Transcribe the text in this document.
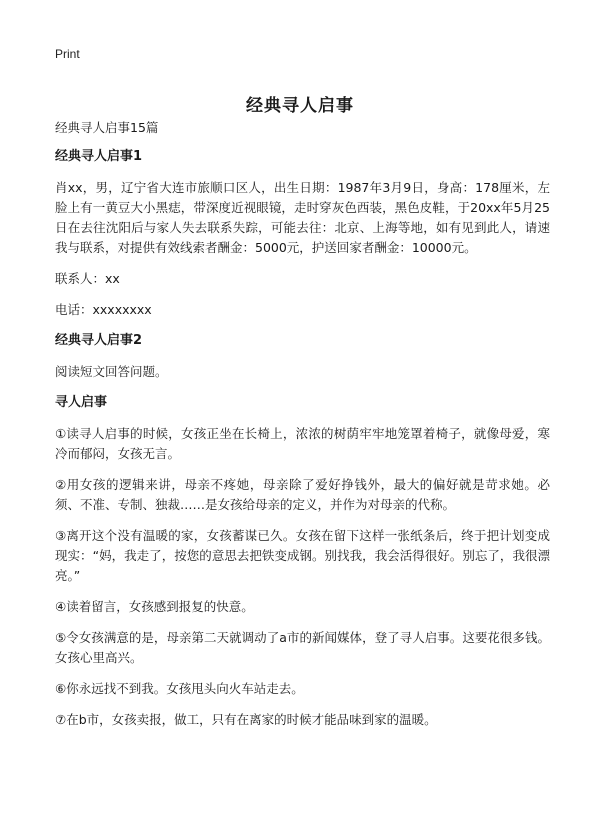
Print
经典寻人启事

经典寻人启事15篇

经典寻人启事1

肖xx，男，辽宁省大连市旅顺口区人，出生日期：1987年3月9日，身高：178厘米，左脸上有一黄豆大小黑痣，带深度近视眼镜，走时穿灰色西装，黑色皮鞋，于20xx年5月25日在去往沈阳后与家人失去联系失踪，可能去往：北京、上海等地，如有见到此人，请速我与联系，对提供有效线索者酬金：5000元，护送回家者酬金：10000元。

联系人：xx

电话：xxxxxxxx

经典寻人启事2

阅读短文回答问题。

寻人启事

①读寻人启事的时候，女孩正坐在长椅上，浓浓的树荫牢牢地笼罩着椅子，就像母爱，寒冷而郁闷，女孩无言。

②用女孩的逻辑来讲，母亲不疼她，母亲除了爱好挣钱外，最大的偏好就是苛求她。必须、不准、专制、独裁……是女孩给母亲的定义，并作为对母亲的代称。

③离开这个没有温暖的家，女孩蓄谋已久。女孩在留下这样一张纸条后，终于把计划变成现实：“妈，我走了，按您的意思去把铁变成钢。别找我，我会活得很好。别忘了，我很漂亮。”

④读着留言，女孩感到报复的快意。

⑤令女孩满意的是，母亲第二天就调动了a市的新闻媒体，登了寻人启事。这要花很多钱。女孩心里高兴。

⑥你永远找不到我。女孩甩头向火车站走去。

⑦在b市，女孩卖报，做工，只有在离家的时候才能品味到家的温暖。
